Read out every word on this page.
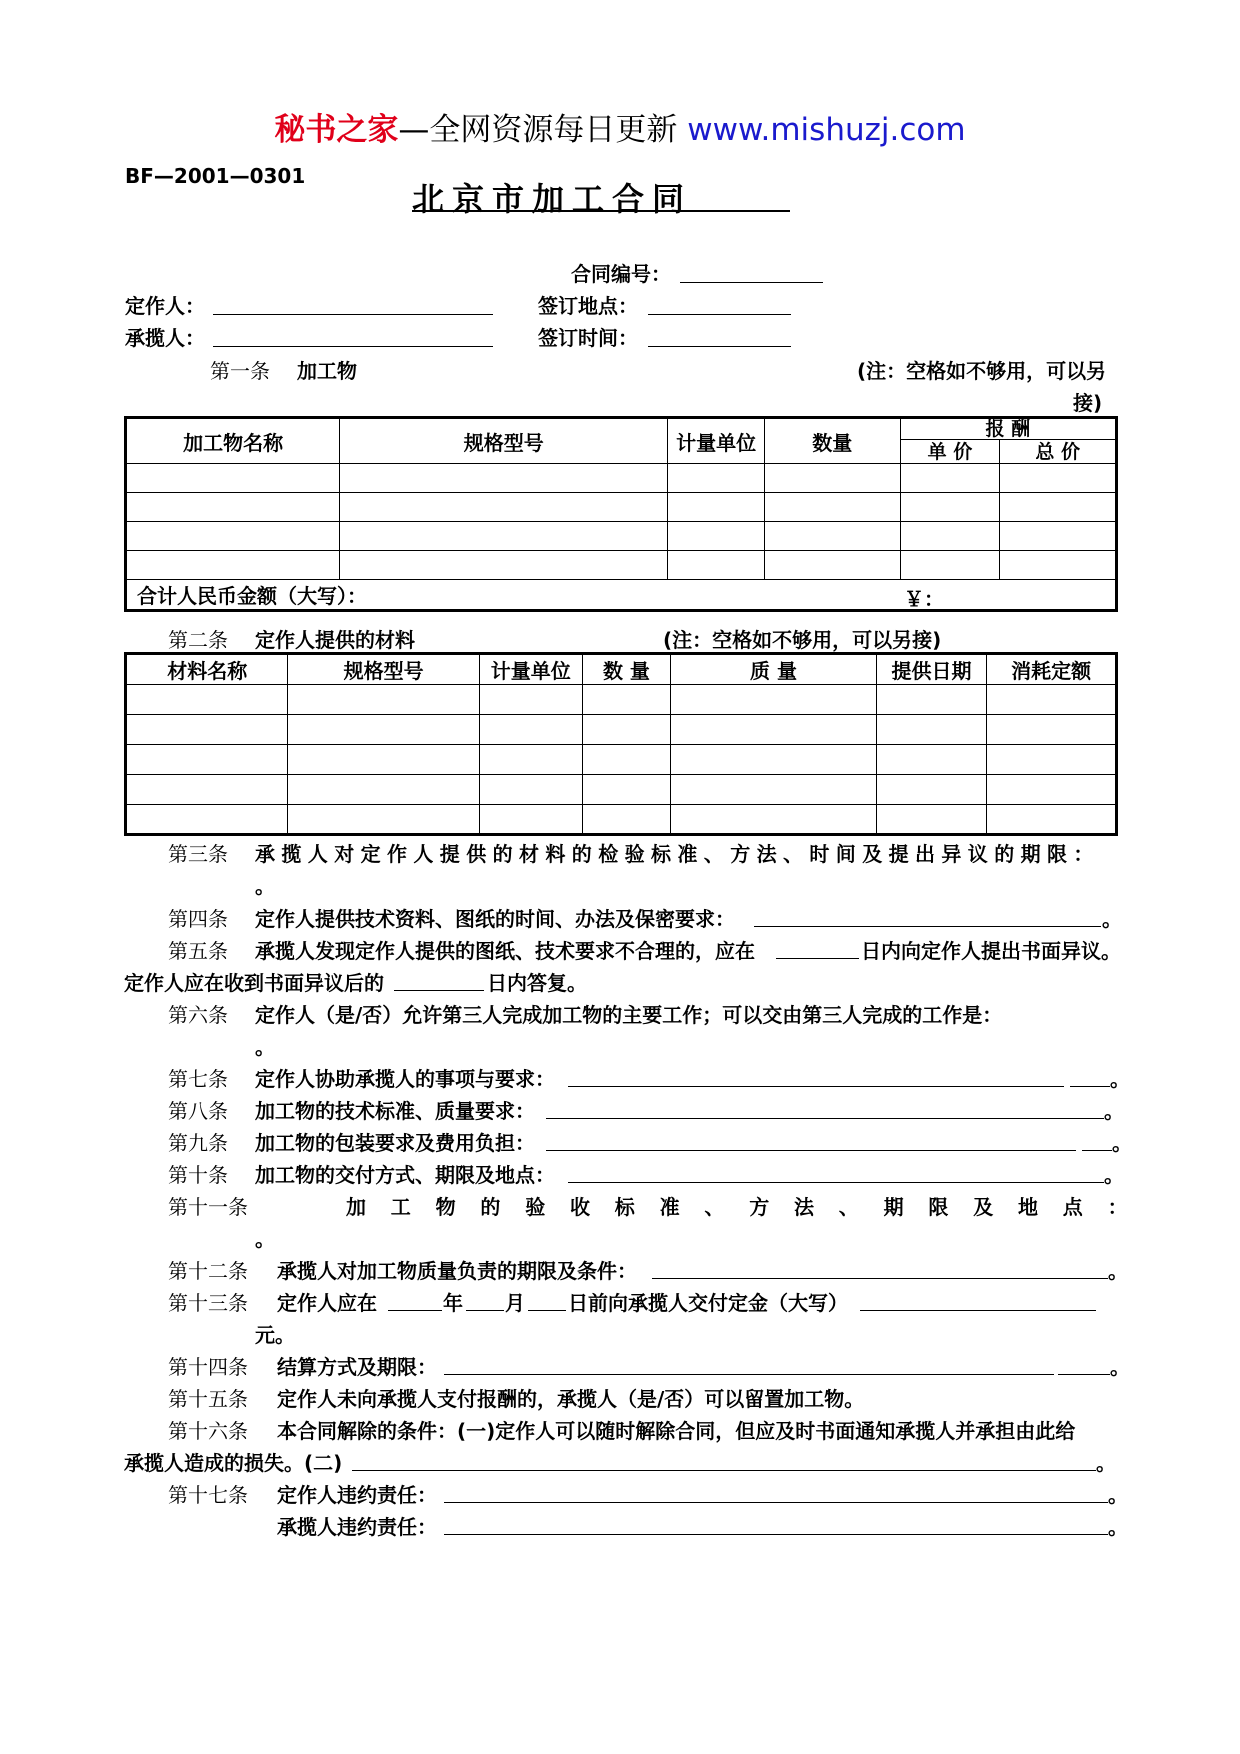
秘书之家—全网资源每日更新 www.mishuzj.com
BF—2001—0301
北京市加工合同
合同编号：
定作人：	签订地点：
承揽人：	签订时间：
第一条 加工物	(注：空格如不够用，可以另
接)
加工物名称	规格型号	计量单位	数量	报 酬	
				单 价	总 价

合计人民币金额（大写）： ￥：					
第二条 定作人提供的材料	(注：空格如不够用，可以另接)
材料名称	规格型号	计量单位	数 量	质 量	提供日期	消耗定额

第三条 承揽人对定作人提供的材料的检验标准、方法、时间及提出异议的期限：
。
第四条 定作人提供技术资料、图纸的时间、办法及保密要求：	。
第五条 承揽人发现定作人提供的图纸、技术要求不合理的，应在	日内向定作人提出书面异议。
定作人应在收到书面异议后的	日内答复。
第六条 定作人（是/否）允许第三人完成加工物的主要工作；可以交由第三人完成的工作是：
。
第七条 定作人协助承揽人的事项与要求：	。
第八条 加工物的技术标准、质量要求：	。
第九条 加工物的包装要求及费用负担：	。
第十条 加工物的交付方式、期限及地点：	。
第十一条	加工物的验收标准、方法、期限及地点：
。
第十二条 承揽人对加工物质量负责的期限及条件：	。
第十三条 定作人应在	年 月 日前向承揽人交付定金（大写）
元。
第十四条 结算方式及期限：	。
第十五条 定作人未向承揽人支付报酬的，承揽人（是/否）可以留置加工物。
第十六条 本合同解除的条件：(一)定作人可以随时解除合同，但应及时书面通知承揽人并承担由此给
承揽人造成的损失。(二)	。
第十七条 定作人违约责任：	。
承揽人违约责任：	。
